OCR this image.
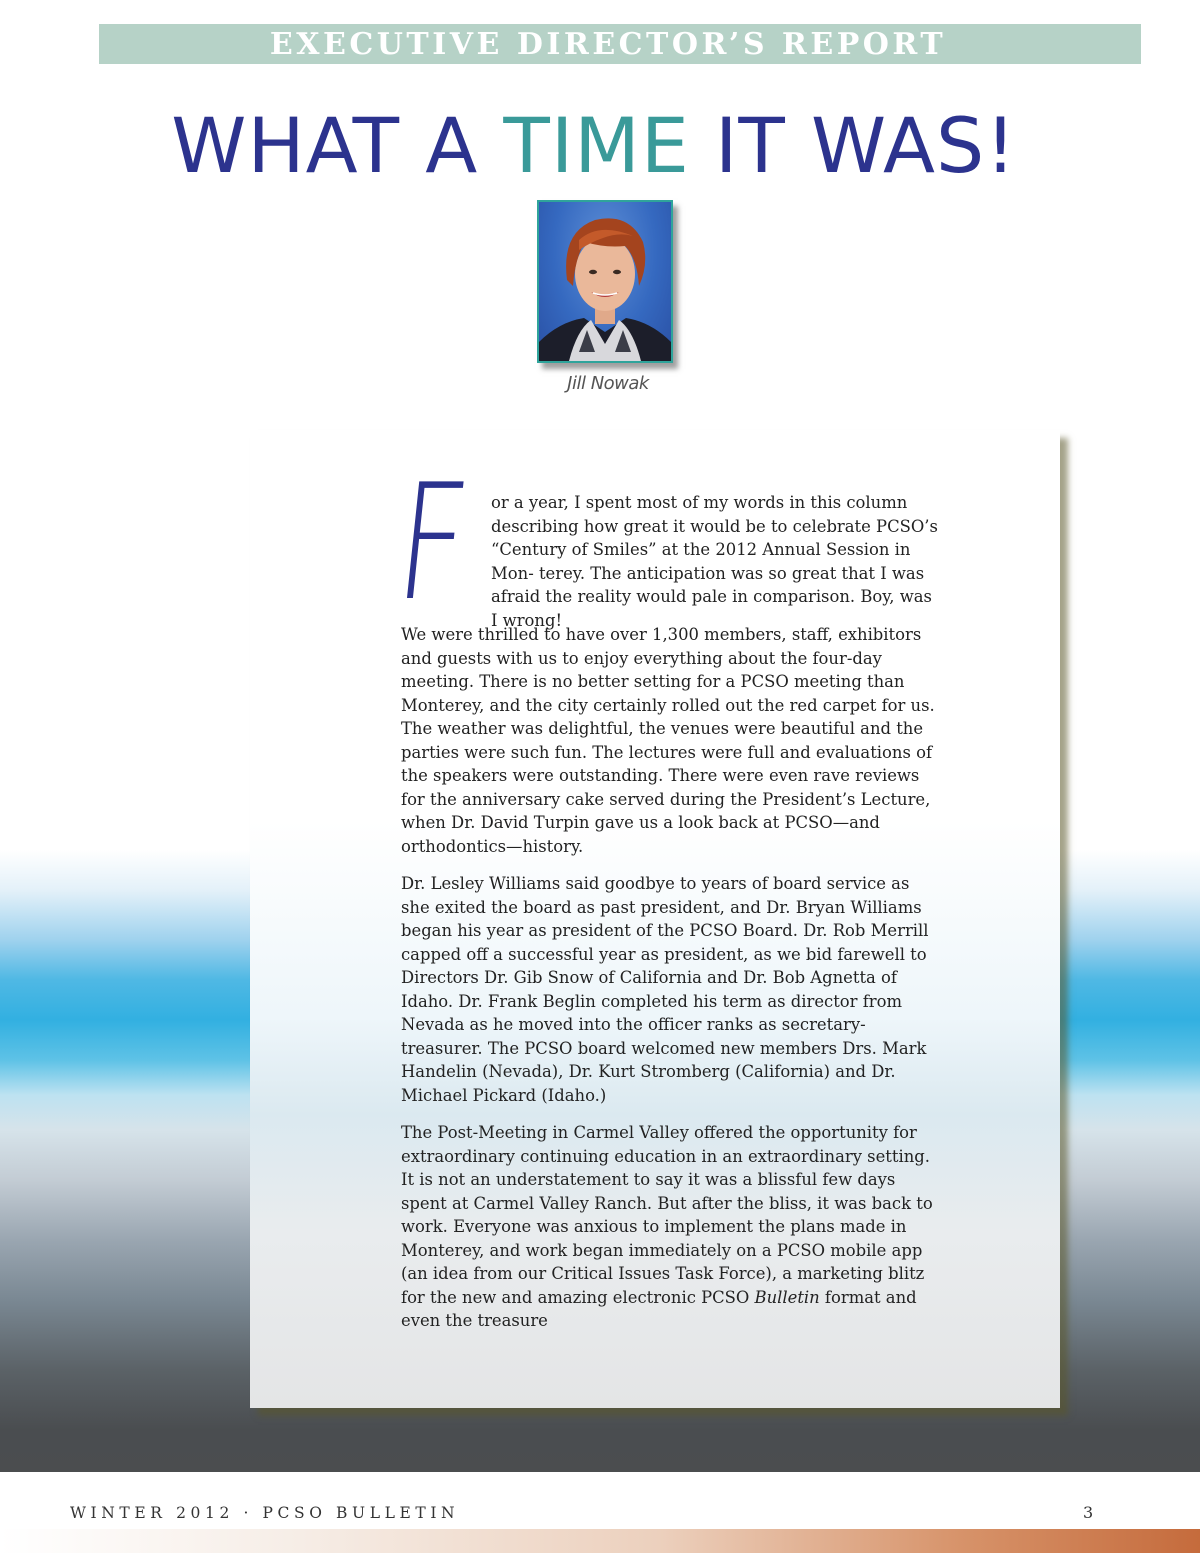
EXECUTIVE DIRECTOR’S REPORT
WHAT A TIME IT WAS!
Jill Nowak
F or a year, I spent most of my words in this column describing how great it would be to celebrate PCSO’s “Century of Smiles” at the 2012 Annual Session in Mon- terey. The anticipation was so great that I was afraid the reality would pale in comparison. Boy, was I wrong!

We were thrilled to have over 1,300 members, staff, exhibitors and guests with us to enjoy everything about the four-day meeting. There is no better setting for a PCSO meeting than Monterey, and the city certainly rolled out the red carpet for us. The weather was delightful, the venues were beautiful and the parties were such fun. The lectures were full and evaluations of the speakers were outstanding. There were even rave reviews for the anniversary cake served during the President’s Lecture, when Dr. David Turpin gave us a look back at PCSO—and orthodontics—history.

Dr. Lesley Williams said goodbye to years of board service as she exited the board as past president, and Dr. Bryan Williams began his year as president of the PCSO Board. Dr. Rob Merrill capped off a successful year as president, as we bid farewell to Directors Dr. Gib Snow of California and Dr. Bob Agnetta of Idaho. Dr. Frank Beglin completed his term as director from Nevada as he moved into the officer ranks as secretary-treasurer. The PCSO board welcomed new members Drs. Mark Handelin (Nevada), Dr. Kurt Stromberg (California) and Dr. Michael Pickard (Idaho.)

The Post-Meeting in Carmel Valley offered the opportunity for extraordinary continuing education in an extraordinary setting. It is not an understatement to say it was a blissful few days spent at Carmel Valley Ranch. But after the bliss, it was back to work. Everyone was anxious to implement the plans made in Monterey, and work began immediately on a PCSO mobile app (an idea from our Critical Issues Task Force), a marketing blitz for the new and amazing electronic PCSO Bulletin format and even the treasure

WINTER 2012 · PCSO BULLETIN	3
